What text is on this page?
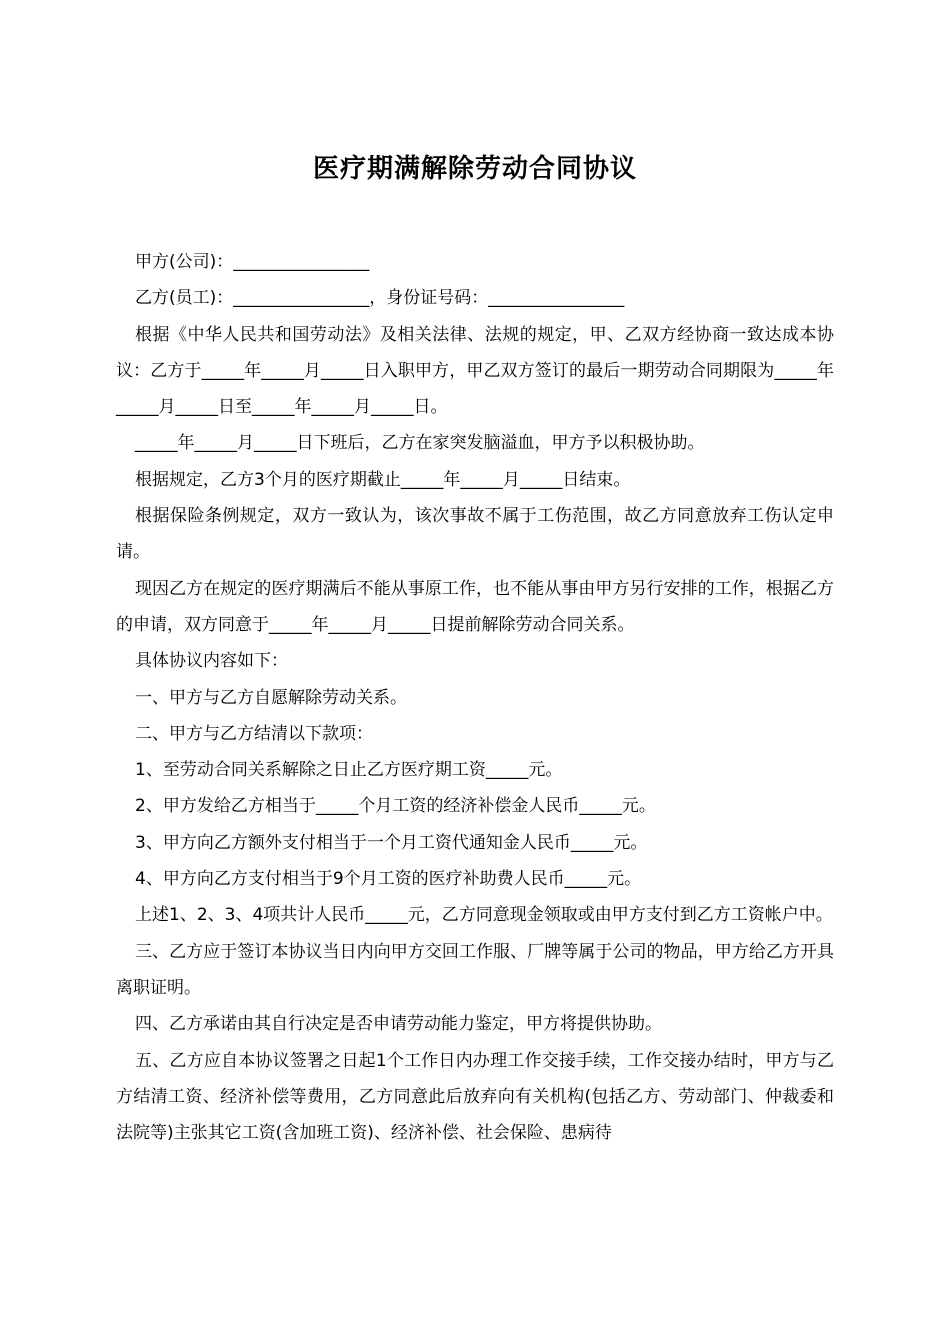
医疗期满解除劳动合同协议

甲方(公司)：________________

乙方(员工)：________________，身份证号码：________________

根据《中华人民共和国劳动法》及相关法律、法规的规定，甲、乙双方经协商一致达成本协议：乙方于_____年_____月_____日入职甲方，甲乙双方签订的最后一期劳动合同期限为_____年_____月_____日至_____年_____月_____日。

_____年_____月_____日下班后，乙方在家突发脑溢血，甲方予以积极协助。

根据规定，乙方3个月的医疗期截止_____年_____月_____日结束。

根据保险条例规定，双方一致认为，该次事故不属于工伤范围，故乙方同意放弃工伤认定申请。

现因乙方在规定的医疗期满后不能从事原工作，也不能从事由甲方另行安排的工作，根据乙方的申请，双方同意于_____年_____月_____日提前解除劳动合同关系。

具体协议内容如下：

一、甲方与乙方自愿解除劳动关系。

二、甲方与乙方结清以下款项：

1、至劳动合同关系解除之日止乙方医疗期工资_____元。

2、甲方发给乙方相当于_____个月工资的经济补偿金人民币_____元。

3、甲方向乙方额外支付相当于一个月工资代通知金人民币_____元。

4、甲方向乙方支付相当于9个月工资的医疗补助费人民币_____元。

上述1、2、3、4项共计人民币_____元，乙方同意现金领取或由甲方支付到乙方工资帐户中。

三、乙方应于签订本协议当日内向甲方交回工作服、厂牌等属于公司的物品，甲方给乙方开具离职证明。

四、乙方承诺由其自行决定是否申请劳动能力鉴定，甲方将提供协助。

五、乙方应自本协议签署之日起1个工作日内办理工作交接手续，工作交接办结时，甲方与乙方结清工资、经济补偿等费用，乙方同意此后放弃向有关机构(包括乙方、劳动部门、仲裁委和法院等)主张其它工资(含加班工资)、经济补偿、社会保险、患病待
